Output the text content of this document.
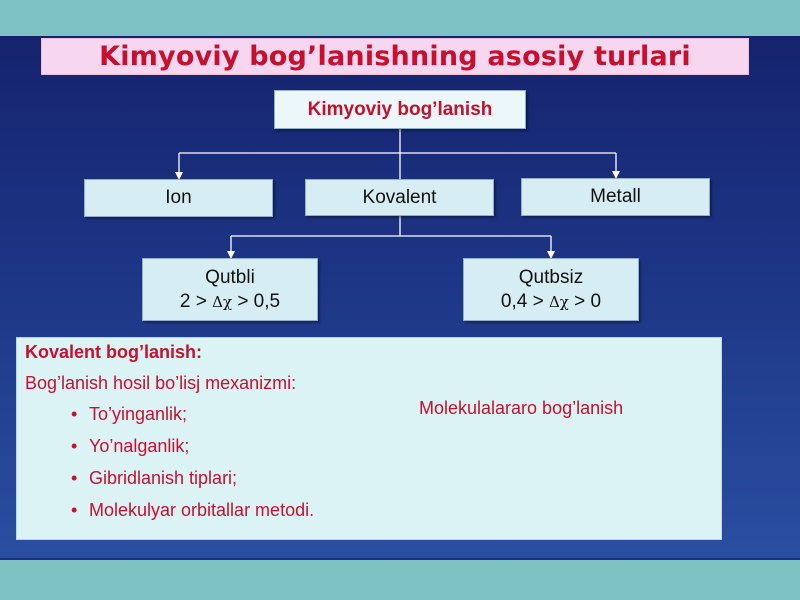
Kimyoviy bog’lanishning asosiy turlari
Kimyoviy bog’lanish
Ion	Kovalent	Metall
Qutbli
2 > Δχ > 0,5
Qutbsiz
0,4 > Δχ > 0
Kovalent bog’lanish:
Bog’lanish hosil bo’lisj mexanizmi:
• To’yinganlik;
• Yo’nalganlik;
• Gibridlanish tiplari;
• Molekulyar orbitallar metodi.
Molekulalararo bog’lanish
